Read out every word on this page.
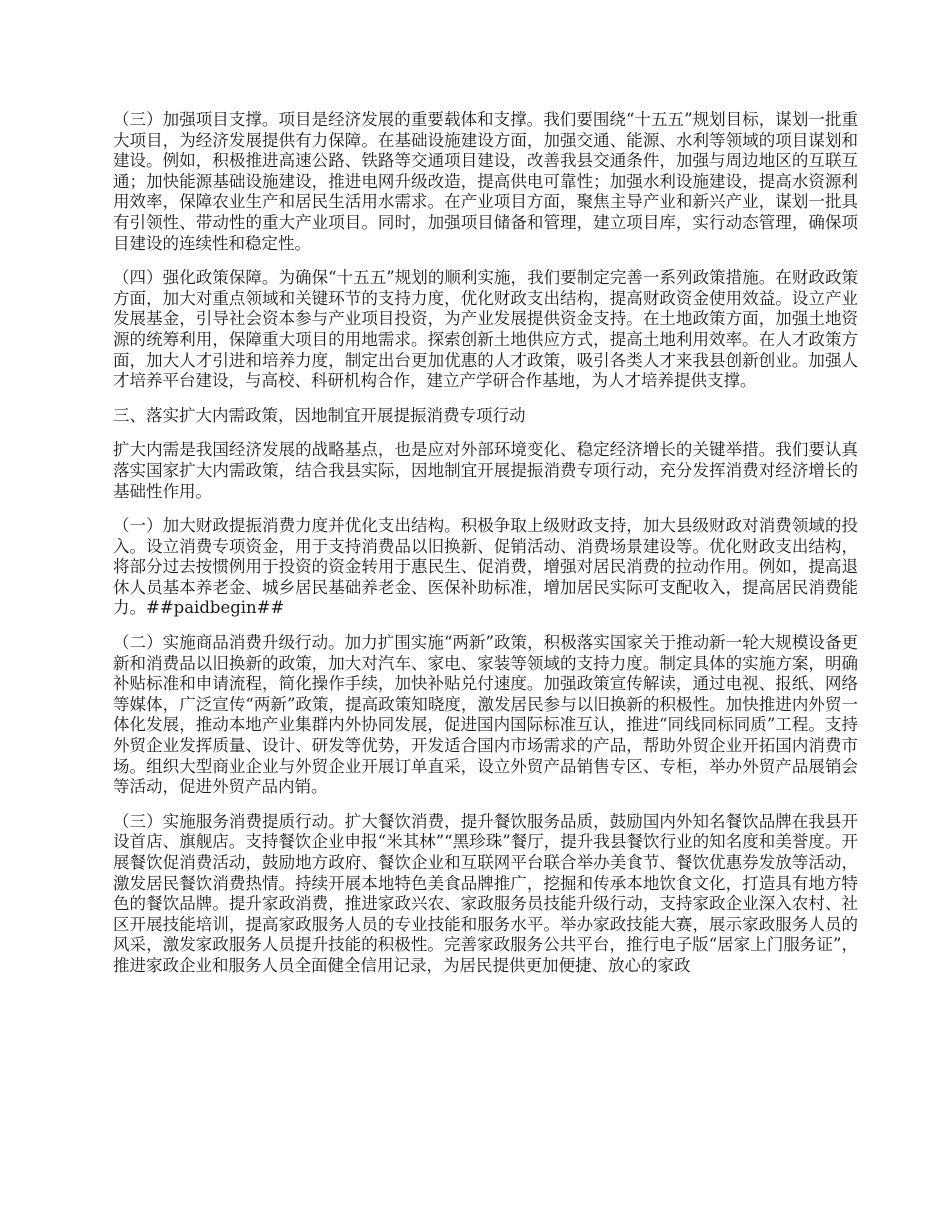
（三）加强项目支撑。项目是经济发展的重要载体和支撑。我们要围绕“十五五”规划目标，谋划一批重大项目，为经济发展提供有力保障。在基础设施建设方面，加强交通、能源、水利等领域的项目谋划和建设。例如，积极推进高速公路、铁路等交通项目建设，改善我县交通条件，加强与周边地区的互联互通；加快能源基础设施建设，推进电网升级改造，提高供电可靠性；加强水利设施建设，提高水资源利用效率，保障农业生产和居民生活用水需求。在产业项目方面，聚焦主导产业和新兴产业，谋划一批具有引领性、带动性的重大产业项目。同时，加强项目储备和管理，建立项目库，实行动态管理，确保项目建设的连续性和稳定性。

（四）强化政策保障。为确保“十五五”规划的顺利实施，我们要制定完善一系列政策措施。在财政政策方面，加大对重点领域和关键环节的支持力度，优化财政支出结构，提高财政资金使用效益。设立产业发展基金，引导社会资本参与产业项目投资，为产业发展提供资金支持。在土地政策方面，加强土地资源的统筹利用，保障重大项目的用地需求。探索创新土地供应方式，提高土地利用效率。在人才政策方面，加大人才引进和培养力度，制定出台更加优惠的人才政策，吸引各类人才来我县创新创业。加强人才培养平台建设，与高校、科研机构合作，建立产学研合作基地，为人才培养提供支撑。

三、落实扩大内需政策，因地制宜开展提振消费专项行动

扩大内需是我国经济发展的战略基点，也是应对外部环境变化、稳定经济增长的关键举措。我们要认真落实国家扩大内需政策，结合我县实际，因地制宜开展提振消费专项行动，充分发挥消费对经济增长的基础性作用。

（一）加大财政提振消费力度并优化支出结构。积极争取上级财政支持，加大县级财政对消费领域的投入。设立消费专项资金，用于支持消费品以旧换新、促销活动、消费场景建设等。优化财政支出结构，将部分过去按惯例用于投资的资金转用于惠民生、促消费，增强对居民消费的拉动作用。例如，提高退休人员基本养老金、城乡居民基础养老金、医保补助标准，增加居民实际可支配收入，提高居民消费能力。##paidbegin##

（二）实施商品消费升级行动。加力扩围实施“两新”政策，积极落实国家关于推动新一轮大规模设备更新和消费品以旧换新的政策，加大对汽车、家电、家装等领域的支持力度。制定具体的实施方案，明确补贴标准和申请流程，简化操作手续，加快补贴兑付速度。加强政策宣传解读，通过电视、报纸、网络等媒体，广泛宣传“两新”政策，提高政策知晓度，激发居民参与以旧换新的积极性。加快推进内外贸一体化发展，推动本地产业集群内外协同发展，促进国内国际标准互认，推进“同线同标同质”工程。支持外贸企业发挥质量、设计、研发等优势，开发适合国内市场需求的产品，帮助外贸企业开拓国内消费市场。组织大型商业企业与外贸企业开展订单直采，设立外贸产品销售专区、专柜，举办外贸产品展销会等活动，促进外贸产品内销。

（三）实施服务消费提质行动。扩大餐饮消费，提升餐饮服务品质，鼓励国内外知名餐饮品牌在我县开设首店、旗舰店。支持餐饮企业申报“米其林”“黑珍珠”餐厅，提升我县餐饮行业的知名度和美誉度。开展餐饮促消费活动，鼓励地方政府、餐饮企业和互联网平台联合举办美食节、餐饮优惠券发放等活动，激发居民餐饮消费热情。持续开展本地特色美食品牌推广，挖掘和传承本地饮食文化，打造具有地方特色的餐饮品牌。提升家政消费，推进家政兴农、家政服务员技能升级行动，支持家政企业深入农村、社区开展技能培训，提高家政服务人员的专业技能和服务水平。举办家政技能大赛，展示家政服务人员的风采，激发家政服务人员提升技能的积极性。完善家政服务公共平台，推行电子版“居家上门服务证”，推进家政企业和服务人员全面健全信用记录，为居民提供更加便捷、放心的家政
